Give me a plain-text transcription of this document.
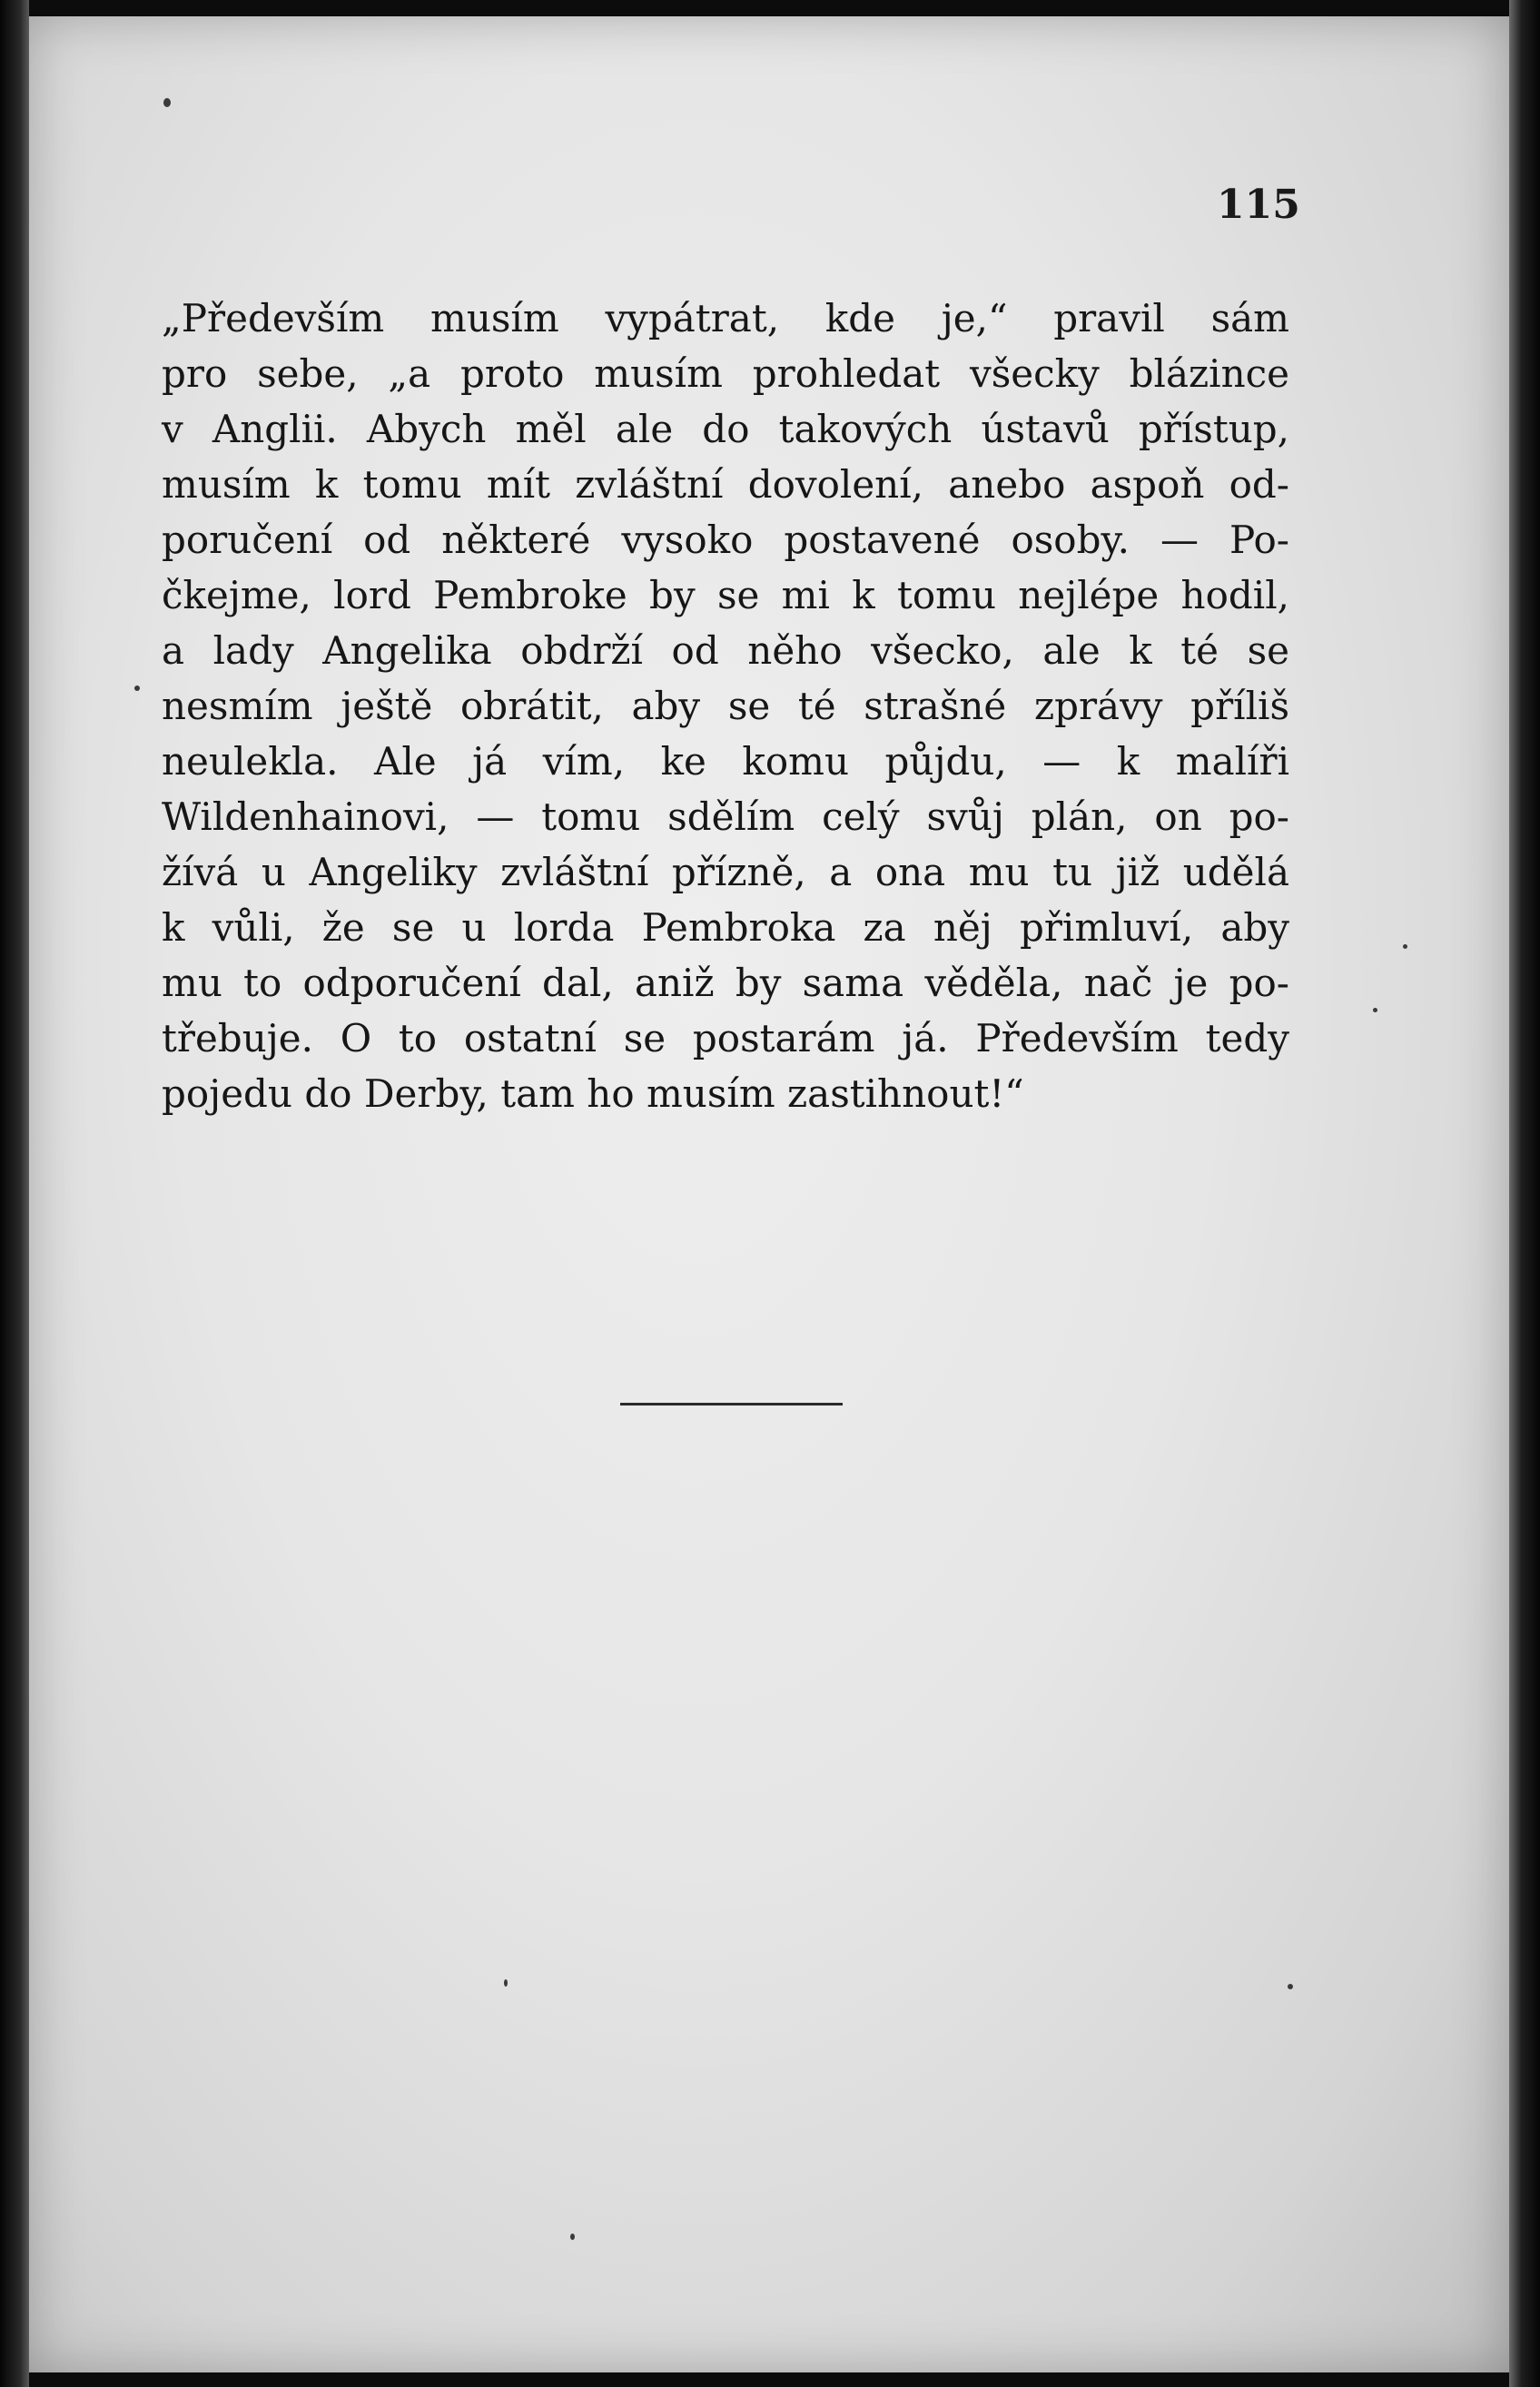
115
„Především musím vypátrat, kde je,“ pravil sám
pro sebe, „a proto musím prohledat všecky blázince
v Anglii. Abych měl ale do takových ústavů přístup,
musím k tomu mít zvláštní dovolení, anebo aspoň od-
poručení od některé vysoko postavené osoby. — Po-
čkejme, lord Pembroke by se mi k tomu nejlépe hodil,
a lady Angelika obdrží od něho všecko, ale k té se
nesmím ještě obrátit, aby se té strašné zprávy příliš
neulekla. Ale já vím, ke komu půjdu, — k malíři
Wildenhainovi, — tomu sdělím celý svůj plán, on po-
žívá u Angeliky zvláštní přízně, a ona mu tu již udělá
k vůli, že se u lorda Pembroka za něj přimluví, aby
mu to odporučení dal, aniž by sama věděla, nač je po-
třebuje. O to ostatní se postarám já. Především tedy
pojedu do Derby, tam ho musím zastihnout!“
